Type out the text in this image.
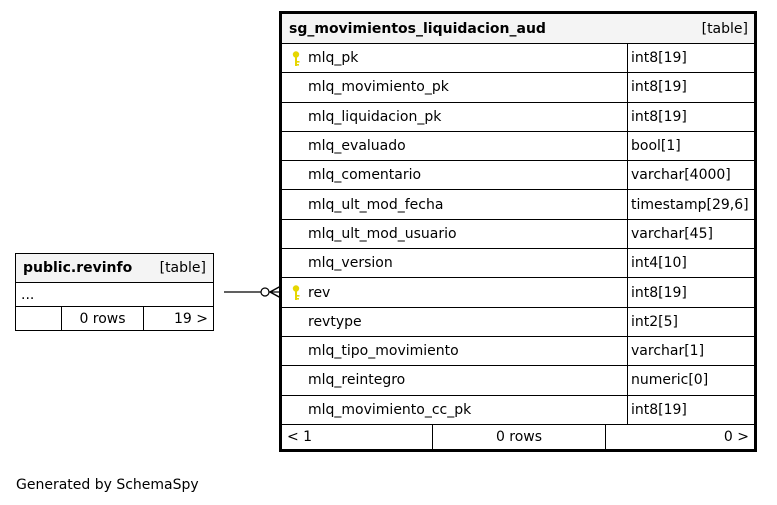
public.revinfo [table]
...
0 rows	19 >
sg_movimientos_liquidacion_aud	[table]
mlq_pk	int8[19]
mlq_movimiento_pk	int8[19]
mlq_liquidacion_pk	int8[19]
mlq_evaluado	bool[1]
mlq_comentario	varchar[4000]
mlq_ult_mod_fecha	timestamp[29,6]
mlq_ult_mod_usuario	varchar[45]
mlq_version	int4[10]
rev	int8[19]
revtype	int2[5]
mlq_tipo_movimiento	varchar[1]
mlq_reintegro	numeric[0]
mlq_movimiento_cc_pk	int8[19]
< 1	0 rows	0 >
Generated by SchemaSpy
